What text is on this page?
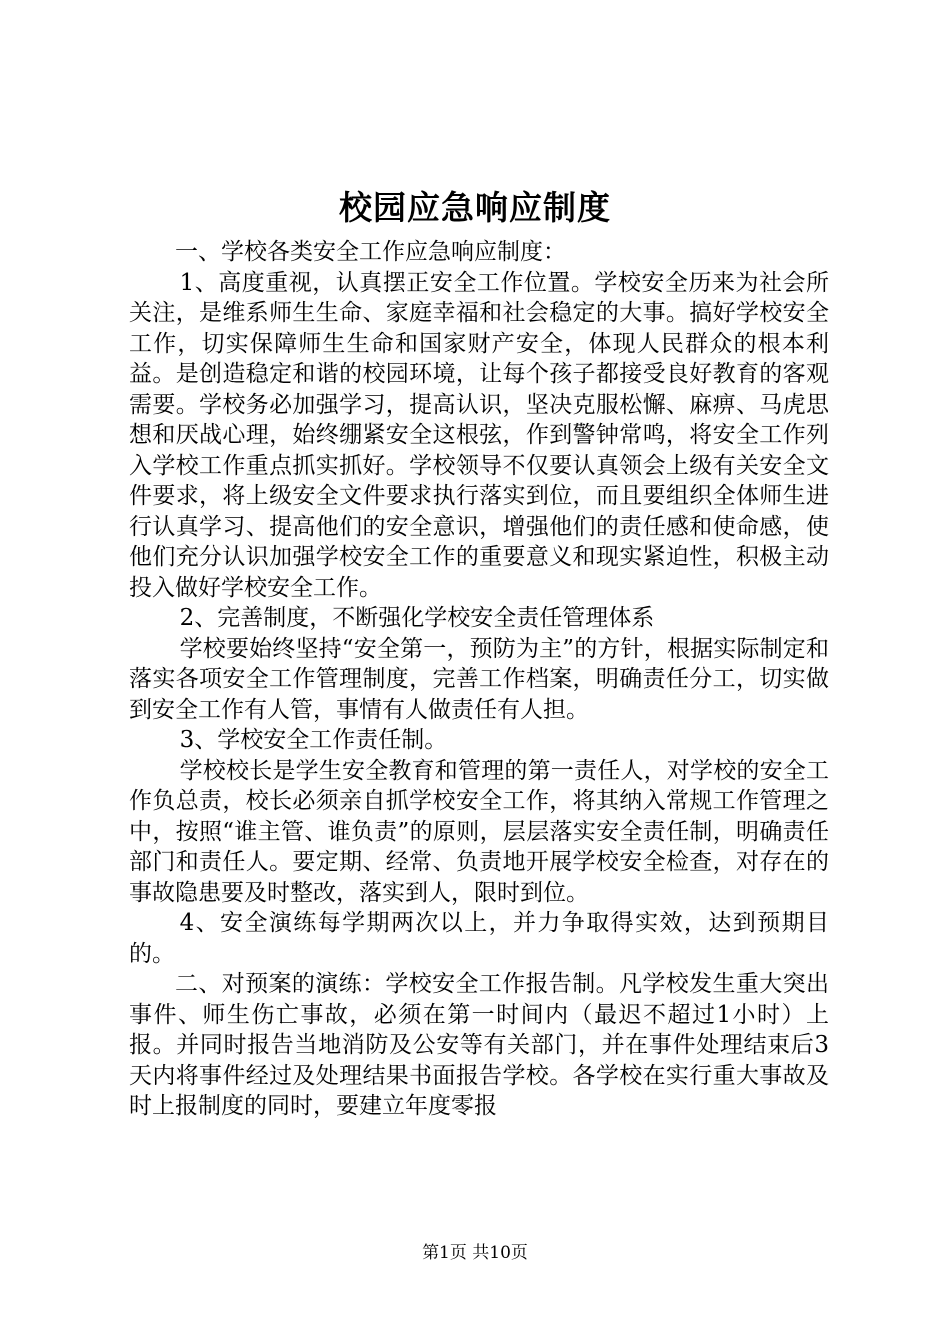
校园应急响应制度

一、学校各类安全工作应急响应制度：

1、高度重视，认真摆正安全工作位置。学校安全历来为社会所关注，是维系师生生命、家庭幸福和社会稳定的大事。搞好学校安全工作，切实保障师生生命和国家财产安全，体现人民群众的根本利益。是创造稳定和谐的校园环境，让每个孩子都接受良好教育的客观需要。学校务必加强学习，提高认识，坚决克服松懈、麻痹、马虎思想和厌战心理，始终绷紧安全这根弦，作到警钟常鸣，将安全工作列入学校工作重点抓实抓好。学校领导不仅要认真领会上级有关安全文件要求，将上级安全文件要求执行落实到位，而且要组织全体师生进行认真学习、提高他们的安全意识，增强他们的责任感和使命感，使他们充分认识加强学校安全工作的重要意义和现实紧迫性，积极主动投入做好学校安全工作。

2、完善制度，不断强化学校安全责任管理体系

学校要始终坚持“安全第一，预防为主”的方针，根据实际制定和落实各项安全工作管理制度，完善工作档案，明确责任分工，切实做到安全工作有人管，事情有人做责任有人担。

3、学校安全工作责任制。

学校校长是学生安全教育和管理的第一责任人，对学校的安全工作负总责，校长必须亲自抓学校安全工作，将其纳入常规工作管理之中，按照“谁主管、谁负责”的原则，层层落实安全责任制，明确责任部门和责任人。要定期、经常、负责地开展学校安全检查，对存在的事故隐患要及时整改，落实到人，限时到位。

4、安全演练每学期两次以上，并力争取得实效，达到预期目的。

二、对预案的演练：学校安全工作报告制。凡学校发生重大突出事件、师生伤亡事故，必须在第一时间内（最迟不超过1小时）上报。并同时报告当地消防及公安等有关部门，并在事件处理结束后3天内将事件经过及处理结果书面报告学校。各学校在实行重大事故及时上报制度的同时，要建立年度零报

第1页 共10页
